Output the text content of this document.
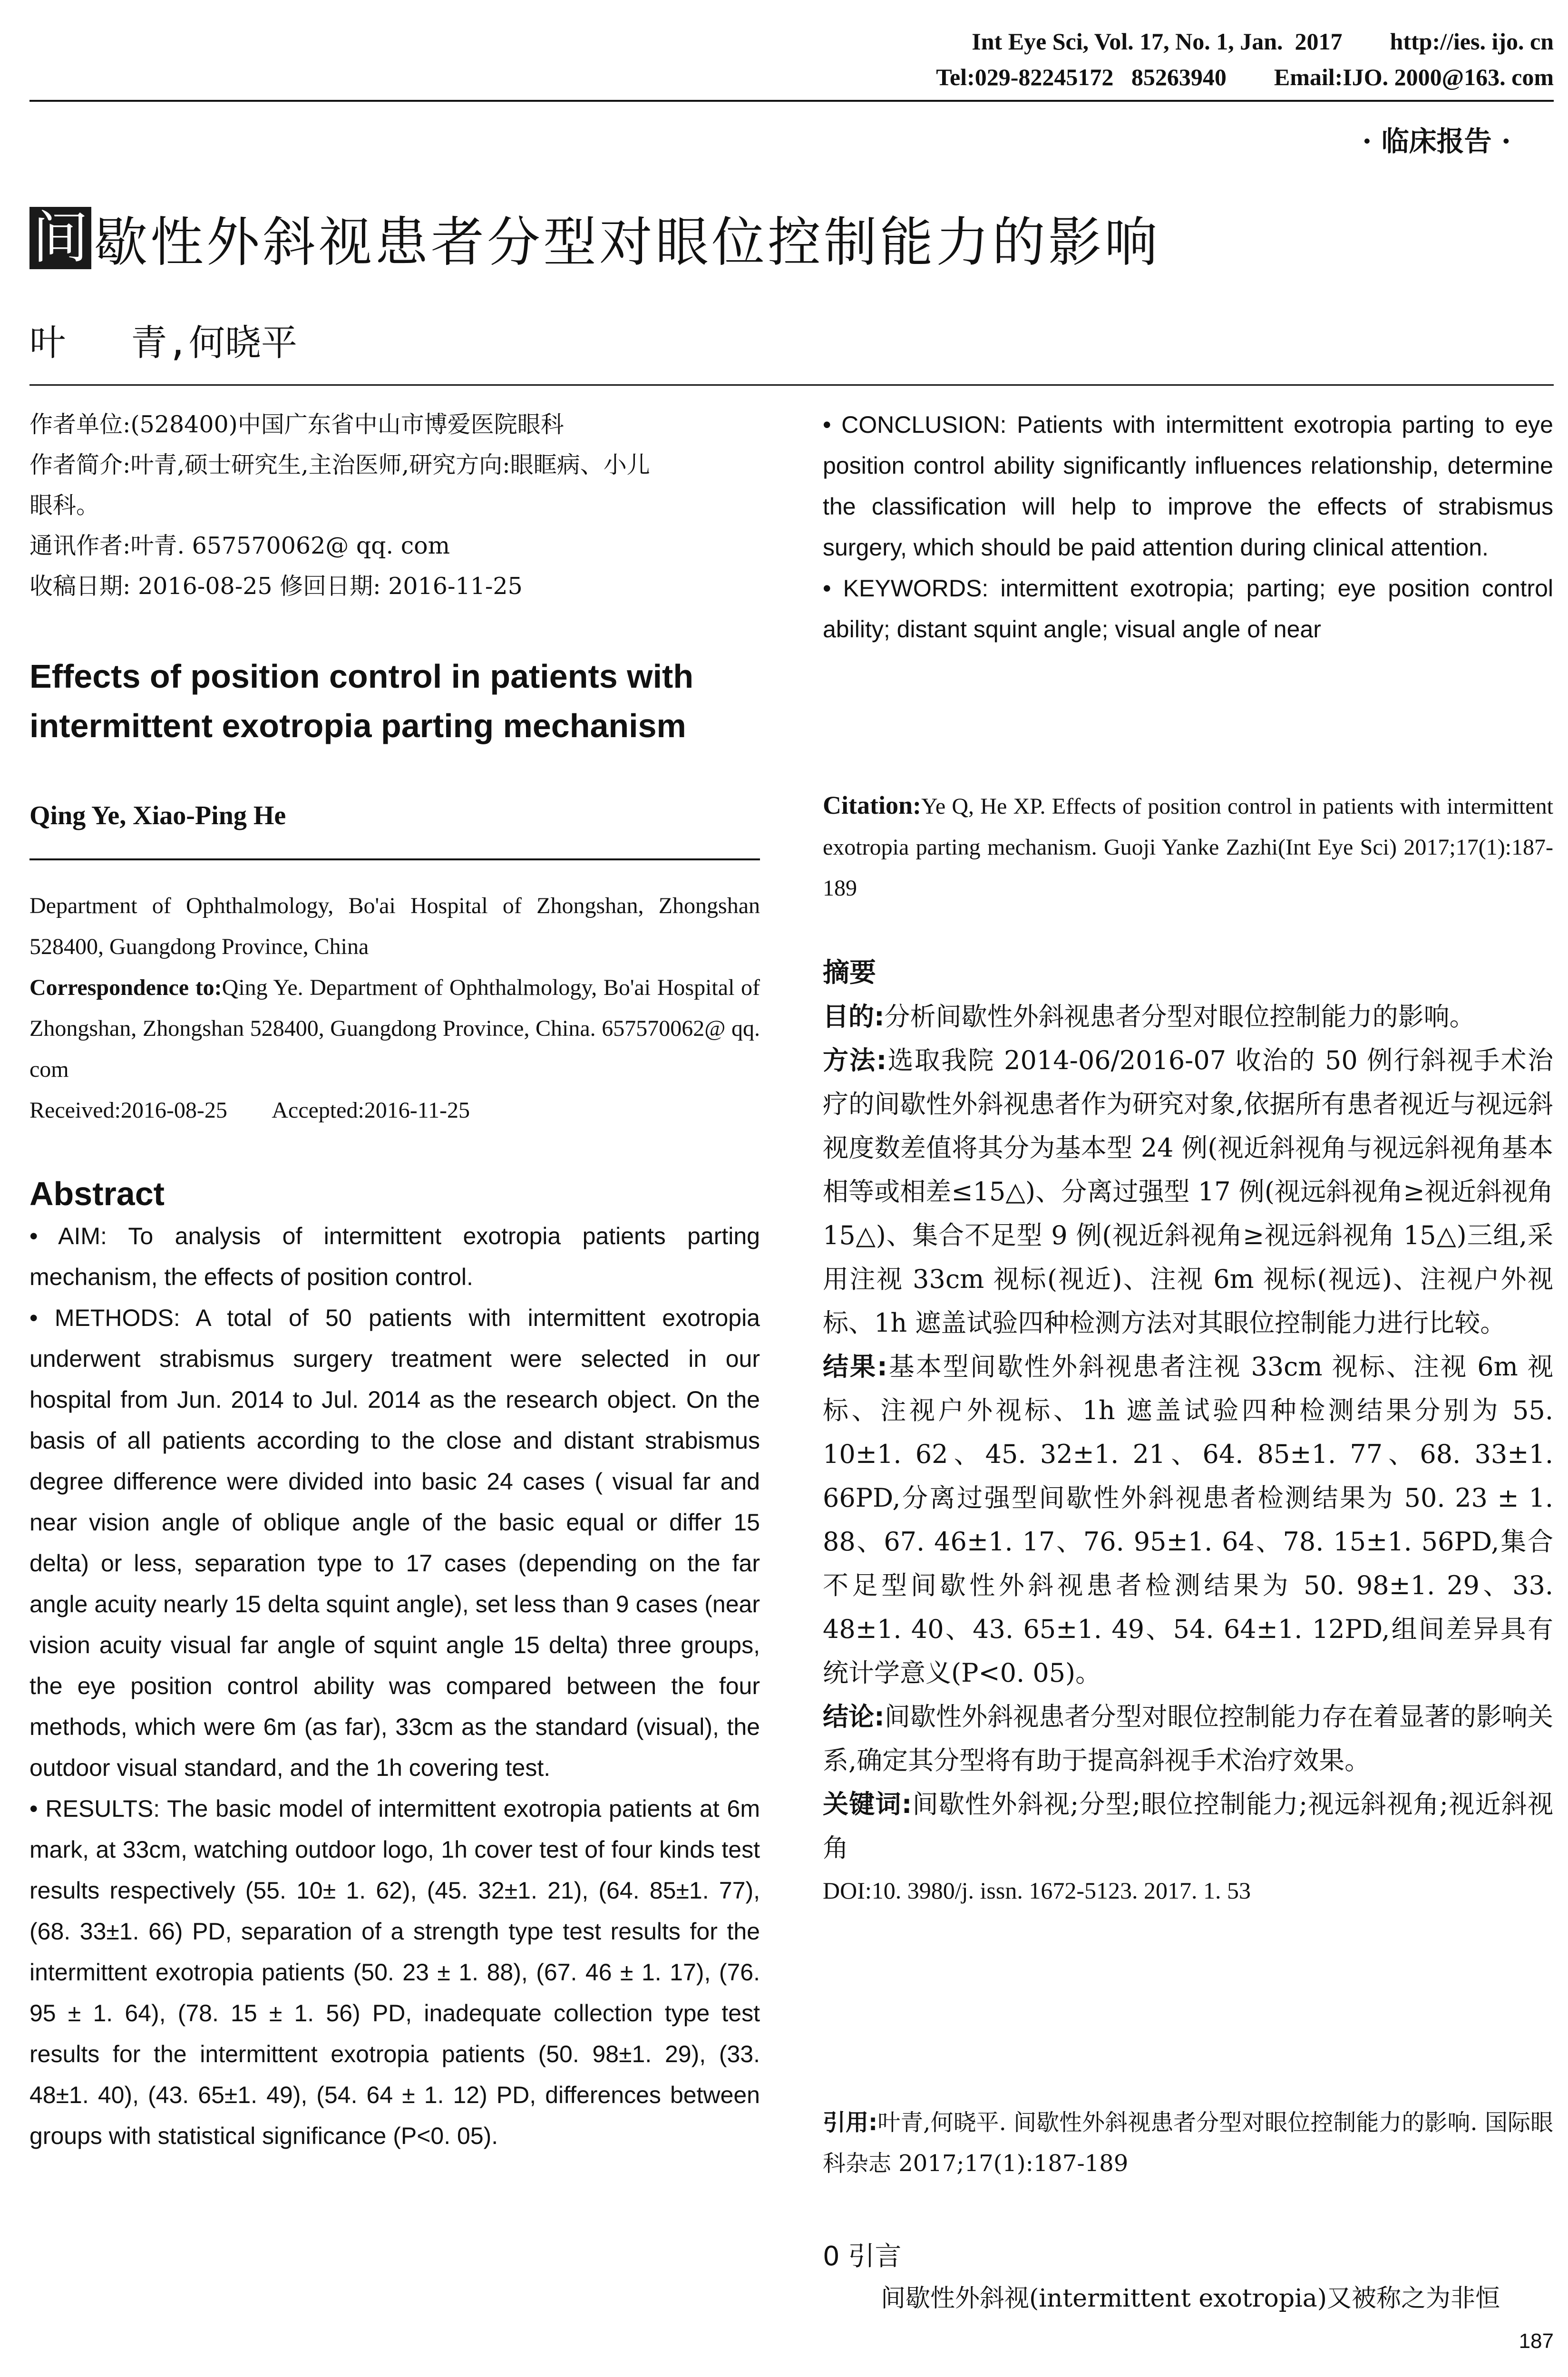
Int Eye Sci, Vol. 17, No. 1, Jan.  2017        http://ies. ijo. cn
Tel:029-82245172   85263940        Email:IJO. 2000@163. com
· 临床报告 ·
间 歇性外斜视患者分型对眼位控制能力的影响
叶   青,何晓平
作者单位:(528400)中国广东省中山市博爱医院眼科
作者简介:叶青,硕士研究生,主治医师,研究方向:眼眶病、小儿
眼科。
通讯作者:叶青. 657570062@ qq. com
收稿日期: 2016-08-25 修回日期: 2016-11-25
Effects of position control in patients with intermittent exotropia parting mechanism
Qing Ye, Xiao-Ping He

Department of Ophthalmology, Bo'ai Hospital of Zhongshan, Zhongshan 528400, Guangdong Province, China

Correspondence to:Qing Ye. Department of Ophthalmology, Bo'ai Hospital of Zhongshan, Zhongshan 528400, Guangdong Province, China. 657570062@ qq. com

Received:2016-08-25        Accepted:2016-11-25

Abstract

• AIM: To analysis of intermittent exotropia patients parting mechanism, the effects of position control.

• METHODS: A total of 50 patients with intermittent exotropia underwent strabismus surgery treatment were selected in our hospital from Jun. 2014 to Jul. 2014 as the research object. On the basis of all patients according to the close and distant strabismus degree difference were divided into basic 24 cases ( visual far and near vision angle of oblique angle of the basic equal or differ 15 delta) or less, separation type to 17 cases (depending on the far angle acuity nearly 15 delta squint angle), set less than 9 cases (near vision acuity visual far angle of squint angle 15 delta) three groups, the eye position control ability was compared between the four methods, which were 6m (as far), 33cm as the standard (visual), the outdoor visual standard, and the 1h covering test.

• RESULTS: The basic model of intermittent exotropia patients at 6m mark, at 33cm, watching outdoor logo, 1h cover test of four kinds test results respectively (55. 10± 1. 62), (45. 32±1. 21), (64. 85±1. 77), (68. 33±1. 66) PD, separation of a strength type test results for the intermittent exotropia patients (50. 23 ± 1. 88), (67. 46 ± 1. 17), (76. 95 ± 1. 64), (78. 15 ± 1. 56) PD, inadequate collection type test results for the intermittent exotropia patients (50. 98±1. 29), (33. 48±1. 40), (43. 65±1. 49), (54. 64 ± 1. 12) PD, differences between groups with statistical significance (P<0. 05).

• CONCLUSION: Patients with intermittent exotropia parting to eye position control ability significantly influences relationship, determine the classification will help to improve the effects of strabismus surgery, which should be paid attention during clinical attention.

• KEYWORDS: intermittent exotropia; parting; eye position control ability; distant squint angle; visual angle of near

Citation:Ye Q, He XP. Effects of position control in patients with intermittent exotropia parting mechanism. Guoji Yanke Zazhi(Int Eye Sci) 2017;17(1):187-189

摘要

目的:分析间歇性外斜视患者分型对眼位控制能力的影响。

方法:选取我院 2014-06/2016-07 收治的 50 例行斜视手术治疗的间歇性外斜视患者作为研究对象,依据所有患者视近与视远斜视度数差值将其分为基本型 24 例(视近斜视角与视远斜视角基本相等或相差≤15△)、分离过强型 17 例(视远斜视角≥视近斜视角 15△)、集合不足型 9 例(视近斜视角≥视远斜视角 15△)三组,采用注视 33cm 视标(视近)、注视 6m 视标(视远)、注视户外视标、1h 遮盖试验四种检测方法对其眼位控制能力进行比较。

结果:基本型间歇性外斜视患者注视 33cm 视标、注视 6m 视标、注视户外视标、1h 遮盖试验四种检测结果分别为 55. 10±1. 62、45. 32±1. 21、64. 85±1. 77、68. 33±1. 66PD,分离过强型间歇性外斜视患者检测结果为 50. 23 ± 1. 88、67. 46±1. 17、76. 95±1. 64、78. 15±1. 56PD,集合不足型间歇性外斜视患者检测结果为 50. 98±1. 29、33. 48±1. 40、43. 65±1. 49、54. 64±1. 12PD,组间差异具有统计学意义(P<0. 05)。

结论:间歇性外斜视患者分型对眼位控制能力存在着显著的影响关系,确定其分型将有助于提高斜视手术治疗效果。

关键词:间歇性外斜视;分型;眼位控制能力;视远斜视角;视近斜视角

DOI:10. 3980/j. issn. 1672-5123. 2017. 1. 53

引用:叶青,何晓平. 间歇性外斜视患者分型对眼位控制能力的影响. 国际眼科杂志 2017;17(1):187-189

0 引言
间歇性外斜视(intermittent exotropia)又被称之为非恒
187
